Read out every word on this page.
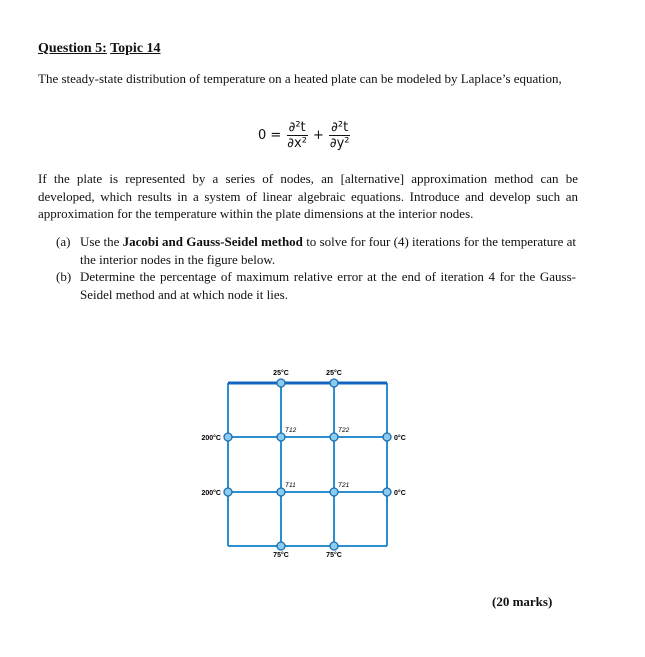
Question 5: Topic 14

The steady-state distribution of temperature on a heated plate can be modeled by Laplace’s equation,

$0 = \frac{\text{∂²t}}{\text{∂x²}} + \frac{\text{∂²t}}{\text{∂y²}}$

If the plate is represented by a series of nodes, an [alternative] approximation method can be developed, which results in a system of linear algebraic equations. Introduce and develop such an approximation for the temperature within the plate dimensions at the interior nodes.

(a) Use the Jacobi and Gauss-Seidel method to solve for four (4) iterations for the temperature at the interior nodes in the figure below.
(b) Determine the percentage of maximum relative error at the end of iteration 4 for the Gauss-Seidel method and at which node it lies.
25°C	25°C
200°C
200°C
0°C
0°C
75°C	75°C
T12	T22
T11	T21
(20 marks)
